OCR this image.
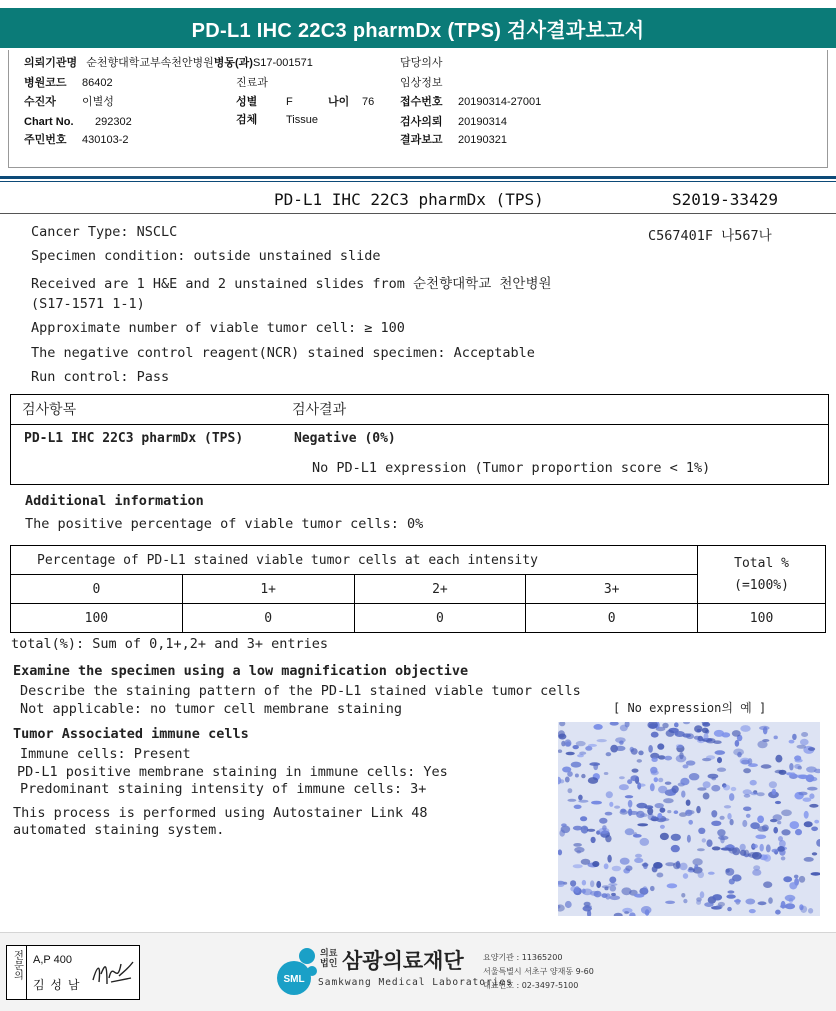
PD-L1 IHC 22C3 pharmDx (TPS) 검사결과보고서
의뢰기관명 순천향대학교부속천안병원병동(과)S17-001571	담당의사
병원코드 86402	진료과	임상정보
수진자 이별성	성별	F	나이 76 접수번호 20190314-27001
Chart No. 292302	검체	Tissue	검사의뢰 20190314
주민번호 430103-2	결과보고 20190321
PD-L1 IHC 22C3 pharmDx (TPS)	S2019-33429
Cancer Type: NSCLC	C567401F 나567나
Specimen condition: outside unstained slide
Received are 1 H&E and 2 unstained slides from 순천향대학교 천안병원
(S17-1571 1-1)
Approximate number of viable tumor cell: ≥ 100
The negative control reagent(NCR) stained specimen: Acceptable
Run control: Pass
검사항목	검사결과
PD-L1 IHC 22C3 pharmDx (TPS)	Negative (0%)
No PD-L1 expression (Tumor proportion score < 1%)
Additional information
The positive percentage of viable tumor cells: 0%
Percentage of PD-L1 stained viable tumor cells at each intensity				Total %
(=100%)

0	1+	2+	3+	
100	0	0	0	100
total(%): Sum of 0,1+,2+ and 3+ entries
Examine the specimen using a low magnification objective
Describe the staining pattern of the PD-L1 stained viable tumor cells
Not applicable: no tumor cell membrane staining	[ No expression의 예 ]
Tumor Associated immune cells
Immune cells: Present
PD-L1 positive membrane staining in immune cells: Yes
Predominant staining intensity of immune cells: 3+
This process is performed using Autostainer Link 48
automated staining system.
전문의 A,P 400
김 성 남	SML
의료
법인 삼광의료재단
Samkwang Medical Laboratories
요양기관 : 11365200
서울특별시 서초구 양재동 9-60
대표번호 : 02-3497-5100
